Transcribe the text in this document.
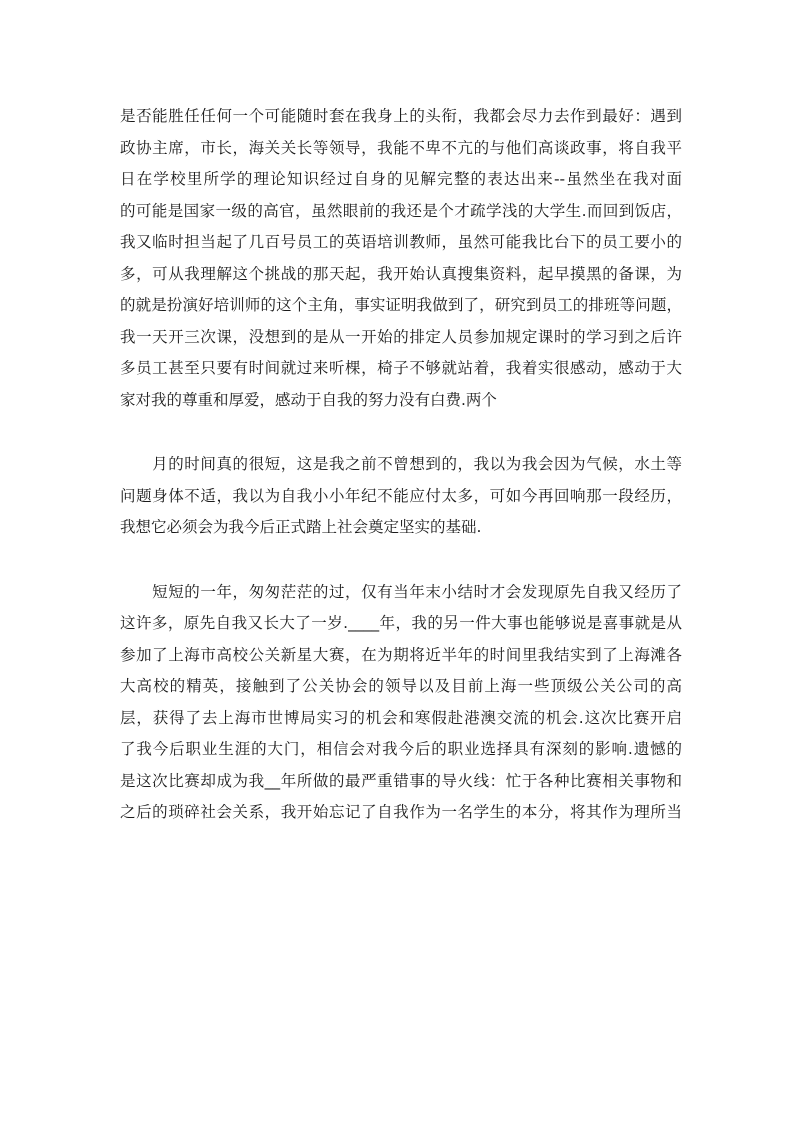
是否能胜任任何一个可能随时套在我身上的头衔，我都会尽力去作到最好：遇到
政协主席，市长，海关关长等领导，我能不卑不亢的与他们高谈政事，将自我平
日在学校里所学的理论知识经过自身的见解完整的表达出来--虽然坐在我对面
的可能是国家一级的高官，虽然眼前的我还是个才疏学浅的大学生.而回到饭店，
我又临时担当起了几百号员工的英语培训教师，虽然可能我比台下的员工要小的
多，可从我理解这个挑战的那天起，我开始认真搜集资料，起早摸黑的备课，为
的就是扮演好培训师的这个主角，事实证明我做到了，研究到员工的排班等问题，
我一天开三次课，没想到的是从一开始的排定人员参加规定课时的学习到之后许
多员工甚至只要有时间就过来听棵，椅子不够就站着，我着实很感动，感动于大
家对我的尊重和厚爱，感动于自我的努力没有白费.两个
　　月的时间真的很短，这是我之前不曾想到的，我以为我会因为气候，水土等
问题身体不适，我以为自我小小年纪不能应付太多，可如今再回响那一段经历，
我想它必须会为我今后正式踏上社会奠定坚实的基础.
　　短短的一年，匆匆茫茫的过，仅有当年末小结时才会发现原先自我又经历了
这许多，原先自我又长大了一岁.____年，我的另一件大事也能够说是喜事就是从
参加了上海市高校公关新星大赛，在为期将近半年的时间里我结实到了上海滩各
大高校的精英，接触到了公关协会的领导以及目前上海一些顶级公关公司的高
层，获得了去上海市世博局实习的机会和寒假赴港澳交流的机会.这次比赛开启
了我今后职业生涯的大门，相信会对我今后的职业选择具有深刻的影响.遗憾的
是这次比赛却成为我__年所做的最严重错事的导火线：忙于各种比赛相关事物和
之后的琐碎社会关系，我开始忘记了自我作为一名学生的本分，将其作为理所当
